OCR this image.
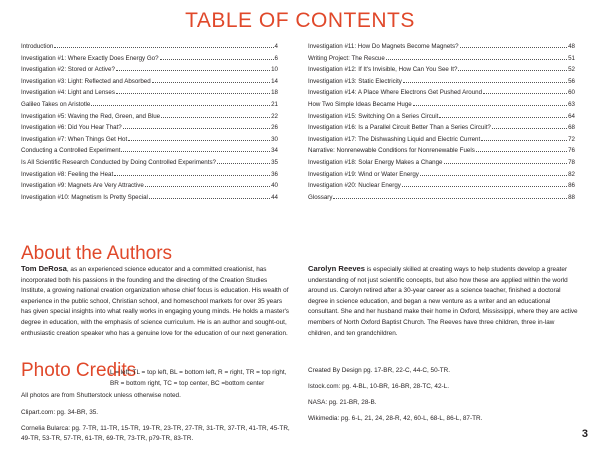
TABLE OF CONTENTS
Introduction	4
Investigation #1: Where Exactly Does Energy Go?	6
Investigation #2: Stored or Active?	10
Investigation #3: Light: Reflected and Absorbed	14
Investigation #4: Light and Lenses	18
Galileo Takes on Aristotle	21
Investigation #5: Waving the Red, Green, and Blue	22
Investigation #6: Did You Hear That?	26
Investigation #7: When Things Get Hot	30
Conducting a Controlled Experiment	34
Is All Scientific Research Conducted by Doing Controlled Experiments?	35
Investigation #8: Feeling the Heat	36
Investigation #9: Magnets Are Very Attractive	40
Investigation #10: Magnetism Is Pretty Special	44
Investigation #11: How Do Magnets Become Magnets?	48
Writing Project: The Rescue	51
Investigation #12: If It's Invisible, How Can You See It?	52
Investigation #13: Static Electricity	56
Investigation #14: A Place Where Electrons Get Pushed Around	60
How Two Simple Ideas Became Huge	63
Investigation #15: Switching On a Series Circuit	64
Investigation #16: Is a Parallel Circuit Better Than a Series Circuit?	68
Investigation #17: The Dishwashing Liquid and Electric Current	72
Narrative: Nonrenewable Conditions for Nonrenewable Fuels	76
Investigation #18: Solar Energy Makes a Change	78
Investigation #19: Wind or Water Energy	82
Investigation #20: Nuclear Energy	86
Glossary	88
About the Authors

Tom DeRosa, as an experienced science educator and a committed creationist, has incorporated both his passions in the founding and the directing of the Creation Studies Institute, a growing national creation organization whose chief focus is education. His wealth of experience in the public school, Christian school, and homeschool markets for over 35 years has given special insights into what really works in engaging young minds. He holds a master's degree in education, with the emphasis of science curriculum. He is an author and sought-out, enthusiastic creation speaker who has a genuine love for the education of our next generation.

Carolyn Reeves is especially skilled at creating ways to help students develop a greater understanding of not just scientific concepts, but also how these are applied within the world around us. Carolyn retired after a 30-year career as a science teacher, finished a doctoral degree in science education, and began a new venture as a writer and an educational consultant. She and her husband make their home in Oxford, Mississippi, where they are active members of North Oxford Baptist Church. The Reeves have three children, three in-law children, and ten grandchildren.

Photo Credits
L = left, TL = top left, BL = bottom left, R = right, TR = top right, BR = bottom right, TC = top center, BC =bottom center
All photos are from Shutterstock unless otherwise noted.
Clipart.com: pg. 34-BR, 35.
Cornelia Bularca: pg. 7-TR, 11-TR, 15-TR, 19-TR, 23-TR, 27-TR, 31-TR, 37-TR, 41-TR, 45-TR,
49-TR, 53-TR, 57-TR, 61-TR, 69-TR, 73-TR, p79-TR, 83-TR.
Created By Design pg. 17-BR, 22-C, 44-C, 50-TR.
Istock.com: pg. 4-BL, 10-BR, 16-BR, 28-TC, 42-L.
NASA: pg. 21-BR, 28-B.
Wikimedia: pg. 6-L, 21, 24, 28-R, 42, 60-L, 68-L, 86-L, 87-TR.
3
